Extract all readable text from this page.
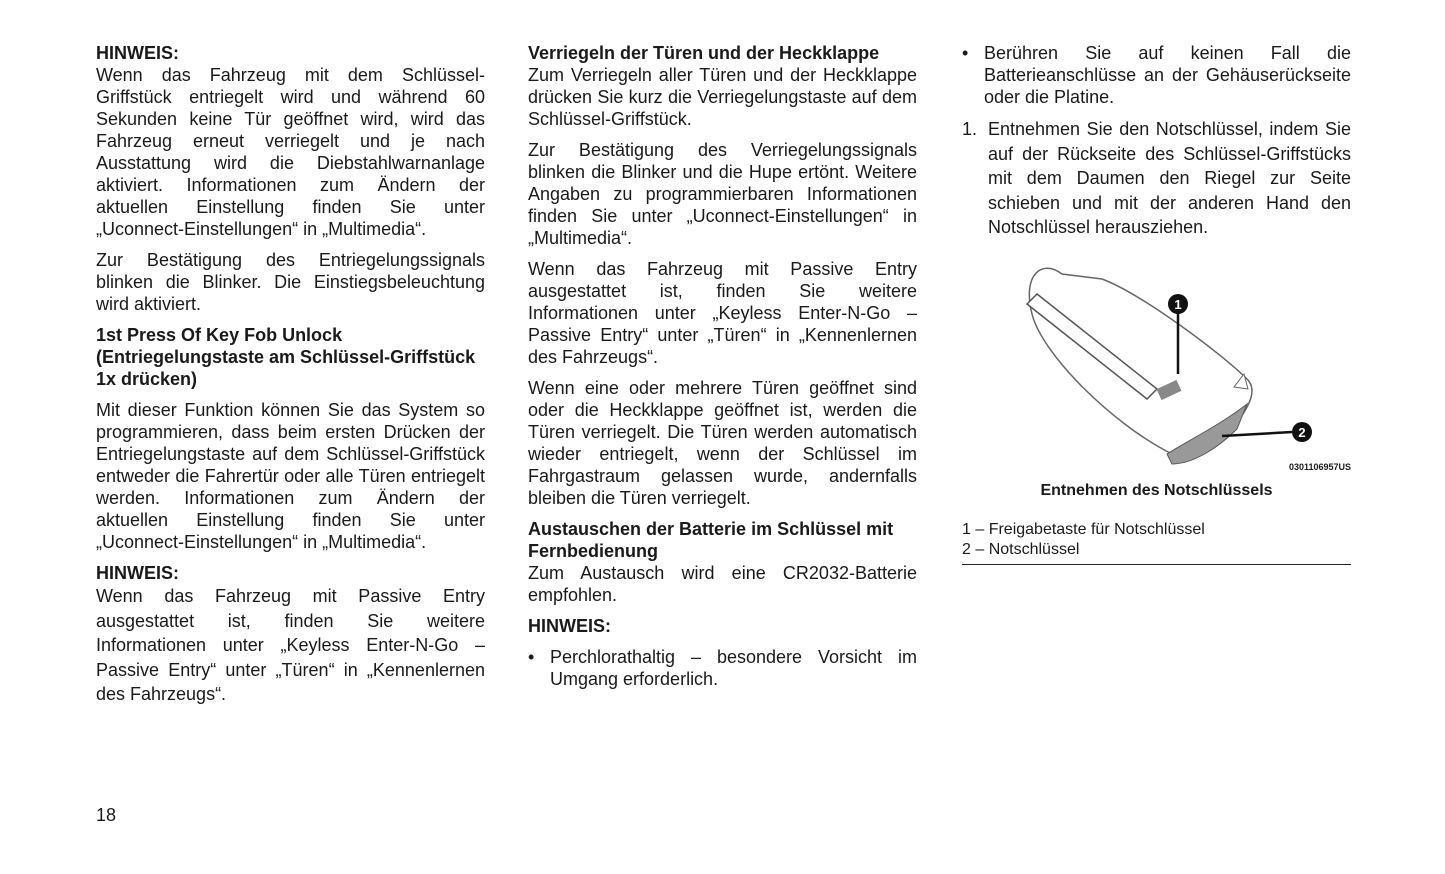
HINWEIS:

Wenn das Fahrzeug mit dem Schlüssel-Griffstück entriegelt wird und während 60 Sekunden keine Tür geöffnet wird, wird das Fahrzeug erneut verriegelt und je nach Ausstattung wird die Diebstahlwarnanlage aktiviert. Informationen zum Ändern der aktuellen Einstellung finden Sie unter „Uconnect-Einstellungen“ in „Multimedia“.

Zur Bestätigung des Entriegelungssignals blinken die Blinker. Die Einstiegsbeleuchtung wird aktiviert.

1st Press Of Key Fob Unlock (Entriegelungstaste am Schlüssel-Griffstück 1x drücken)

Mit dieser Funktion können Sie das System so programmieren, dass beim ersten Drücken der Entriegelungstaste auf dem Schlüssel-Griffstück entweder die Fahrertür oder alle Türen entriegelt werden. Informationen zum Ändern der aktuellen Einstellung finden Sie unter „Uconnect-Einstellungen“ in „Multimedia“.

HINWEIS:

Wenn das Fahrzeug mit Passive Entry ausgestattet ist, finden Sie weitere Informationen unter „Keyless Enter-N-Go – Passive Entry“ unter „Türen“ in „Kennenlernen des Fahrzeugs“.

Verriegeln der Türen und der Heckklappe

Zum Verriegeln aller Türen und der Heckklappe drücken Sie kurz die Verriegelungstaste auf dem Schlüssel-Griffstück.

Zur Bestätigung des Verriegelungssignals blinken die Blinker und die Hupe ertönt. Weitere Angaben zu programmierbaren Informationen finden Sie unter „Uconnect-Einstellungen“ in „Multimedia“.

Wenn das Fahrzeug mit Passive Entry ausgestattet ist, finden Sie weitere Informationen unter „Keyless Enter-N-Go – Passive Entry“ unter „Türen“ in „Kennenlernen des Fahrzeugs“.

Wenn eine oder mehrere Türen geöffnet sind oder die Heckklappe geöffnet ist, werden die Türen verriegelt. Die Türen werden automatisch wieder entriegelt, wenn der Schlüssel im Fahrgastraum gelassen wurde, andernfalls bleiben die Türen verriegelt.

Austauschen der Batterie im Schlüssel mit Fernbedienung

Zum Austausch wird eine CR2032-Batterie empfohlen.

HINWEIS:
• Perchlorathaltig – besondere Vorsicht im Umgang erforderlich.
• Berühren Sie auf keinen Fall die Batterieanschlüsse an der Gehäuserückseite oder die Platine.
1. Entnehmen Sie den Notschlüssel, indem Sie auf der Rückseite des Schlüssel-Griffstücks mit dem Daumen den Riegel zur Seite schieben und mit der anderen Hand den Notschlüssel herausziehen.
1
2
0301106957US
Entnehmen des Notschlüssels
1 – Freigabetaste für Notschlüssel
2 – Notschlüssel
18
